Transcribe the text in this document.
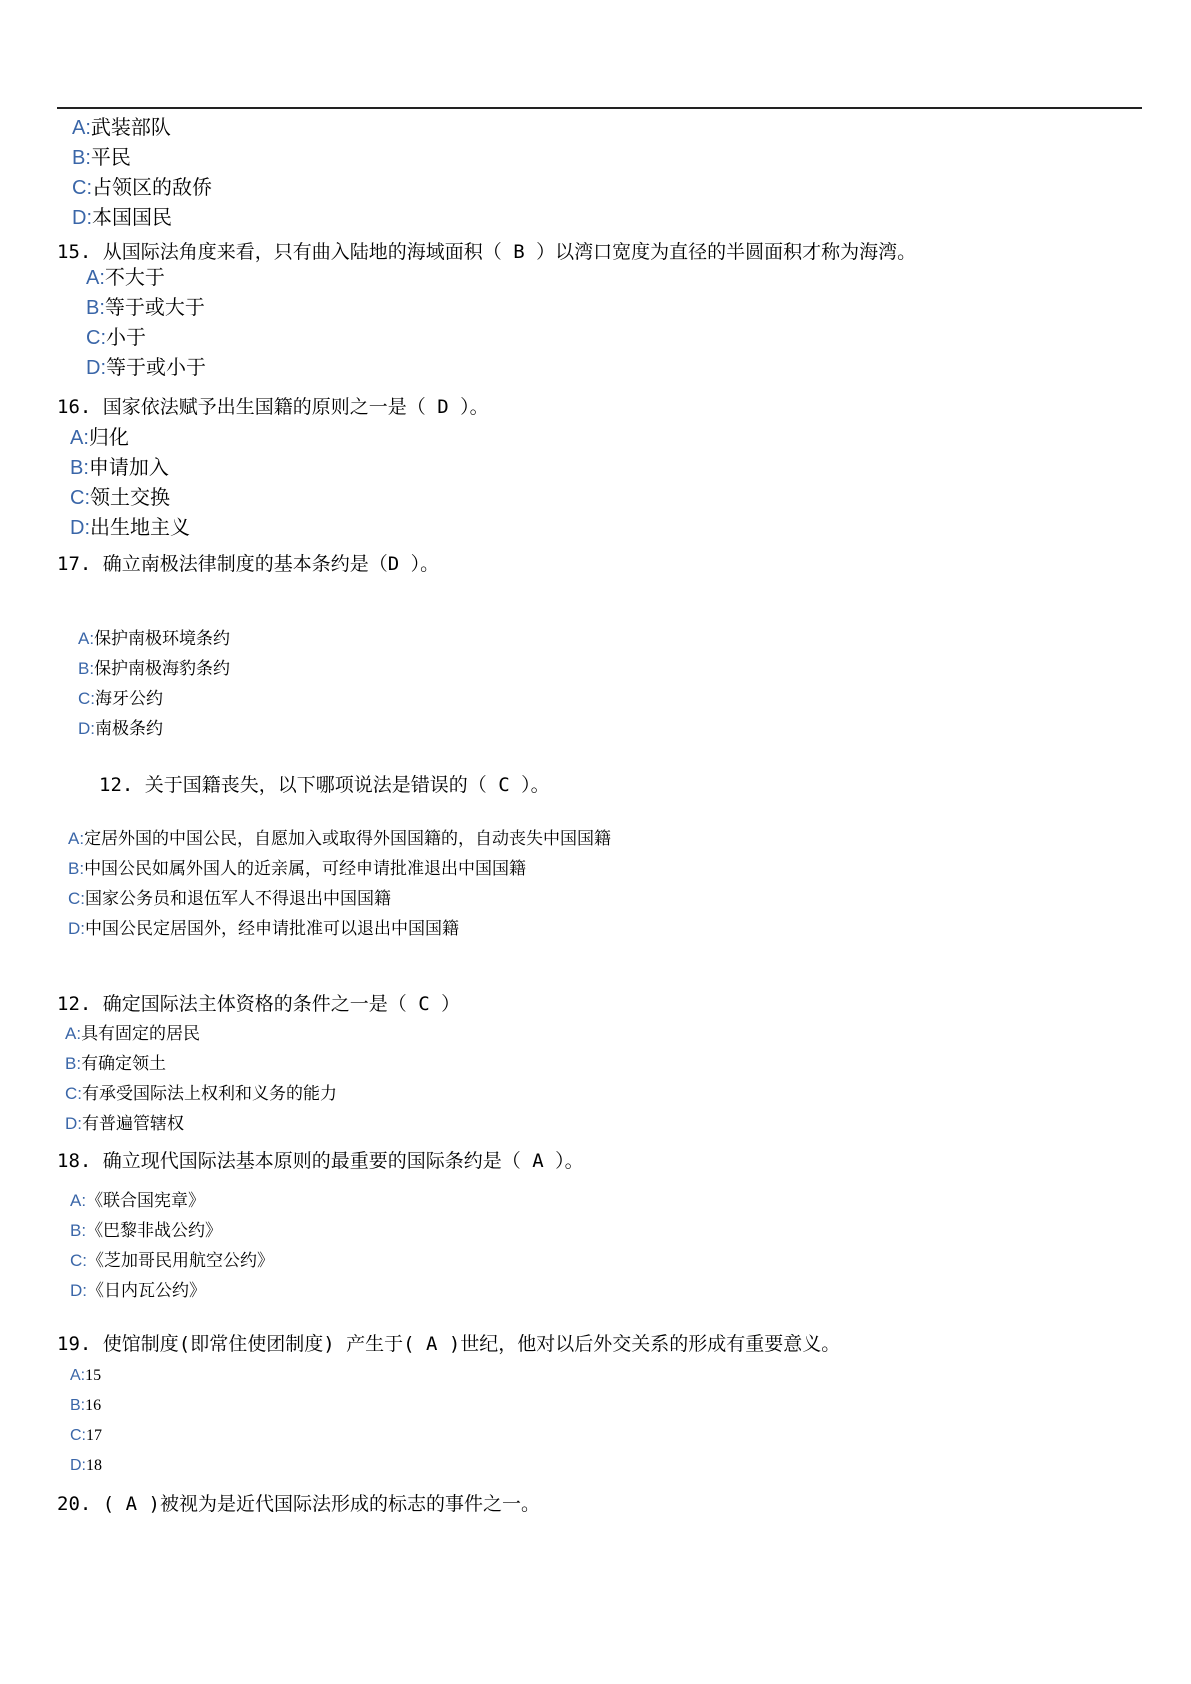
A:武装部队
B:平民
C:占领区的敌侨
D:本国国民
15. 从国际法角度来看，只有曲入陆地的海域面积（ B ）以湾口宽度为直径的半圆面积才称为海湾。
A:不大于
B:等于或大于
C:小于
D:等于或小于
16. 国家依法赋予出生国籍的原则之一是（ D ）。
A:归化
B:申请加入
C:领土交换
D:出生地主义
17. 确立南极法律制度的基本条约是（D ）。
A:保护南极环境条约
B:保护南极海豹条约
C:海牙公约
D:南极条约
12. 关于国籍丧失，以下哪项说法是错误的（ C ）。
A:定居外国的中国公民，自愿加入或取得外国国籍的，自动丧失中国国籍
B:中国公民如属外国人的近亲属，可经申请批准退出中国国籍
C:国家公务员和退伍军人不得退出中国国籍
D:中国公民定居国外，经申请批准可以退出中国国籍
12. 确定国际法主体资格的条件之一是（ C ）
A:具有固定的居民
B:有确定领土
C:有承受国际法上权利和义务的能力
D:有普遍管辖权
18. 确立现代国际法基本原则的最重要的国际条约是（ A ）。
A:《联合国宪章》
B:《巴黎非战公约》
C:《芝加哥民用航空公约》
D:《日内瓦公约》
19. 使馆制度(即常住使团制度) 产生于( A )世纪，他对以后外交关系的形成有重要意义。
A:15
B:16
C:17
D:18
20. ( A )被视为是近代国际法形成的标志的事件之一。
